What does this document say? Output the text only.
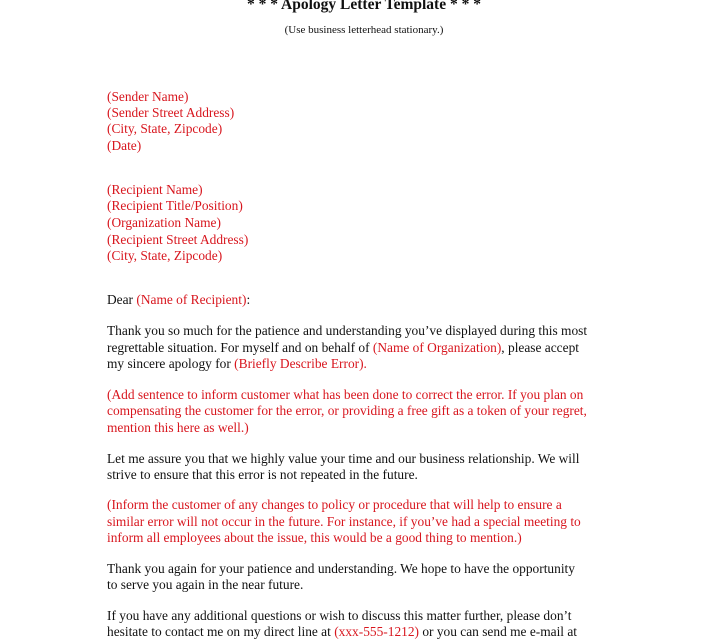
* * * Apology Letter Template * * *
(Use business letterhead stationary.)
(Sender Name)
(Sender Street Address)
(City, State, Zipcode)
(Date)
(Recipient Name)
(Recipient Title/Position)
(Organization Name)
(Recipient Street Address)
(City, State, Zipcode)
Dear (Name of Recipient):
Thank you so much for the patience and understanding you’ve displayed during this most
regrettable situation. For myself and on behalf of (Name of Organization), please accept
my sincere apology for (Briefly Describe Error).
(Add sentence to inform customer what has been done to correct the error. If you plan on
compensating the customer for the error, or providing a free gift as a token of your regret,
mention this here as well.)
Let me assure you that we highly value your time and our business relationship. We will
strive to ensure that this error is not repeated in the future.
(Inform the customer of any changes to policy or procedure that will help to ensure a
similar error will not occur in the future. For instance, if you’ve had a special meeting to
inform all employees about the issue, this would be a good thing to mention.)
Thank you again for your patience and understanding. We hope to have the opportunity
to serve you again in the near future.
If you have any additional questions or wish to discuss this matter further, please don’t
hesitate to contact me on my direct line at (xxx-555-1212) or you can send me e-mail at
